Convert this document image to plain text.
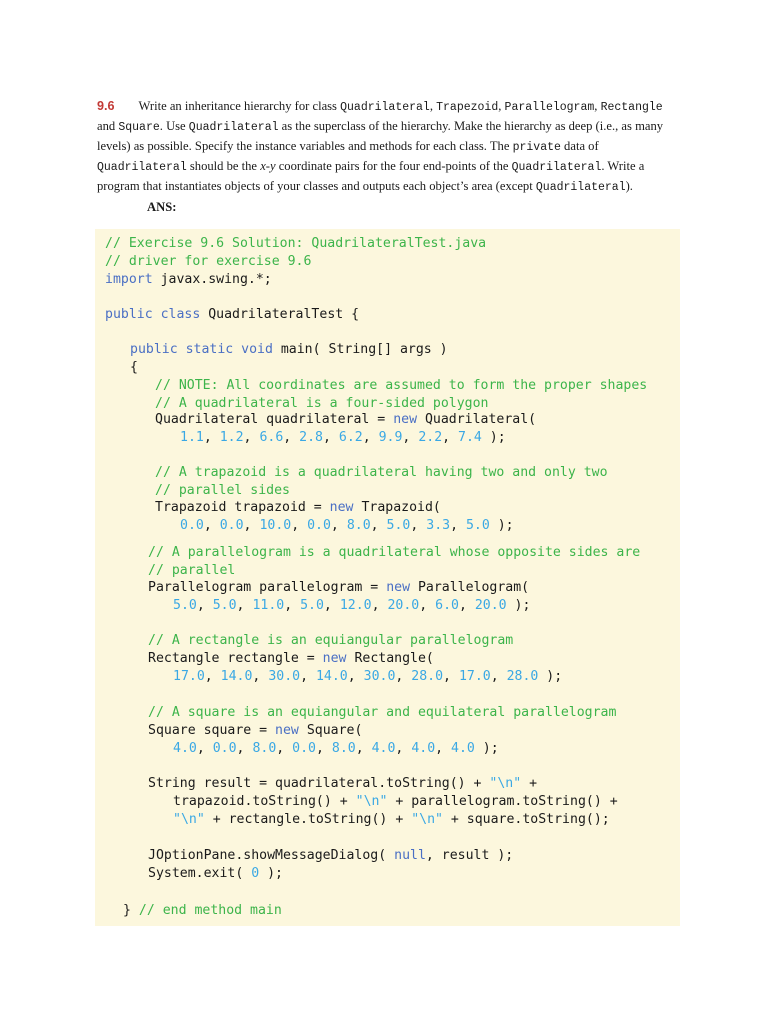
9.6 Write an inheritance hierarchy for class Quadrilateral, Trapezoid, Parallelogram, Rectangle and Square. Use Quadrilateral as the superclass of the hierarchy. Make the hierarchy as deep (i.e., as many levels) as possible. Specify the instance variables and methods for each class. The private data of Quadrilateral should be the x-y coordinate pairs for the four end-points of the Quadrilateral. Write a program that instantiates objects of your classes and outputs each object’s area (except Quadrilateral).

ANS:

// Exercise 9.6 Solution: QuadrilateralTest.java
// driver for exercise 9.6
import javax.swing.*;
public class QuadrilateralTest {
public static void main( String[] args )
{
// NOTE: All coordinates are assumed to form the proper shapes
// A quadrilateral is a four-sided polygon
Quadrilateral quadrilateral = new Quadrilateral(
1.1, 1.2, 6.6, 2.8, 6.2, 9.9, 2.2, 7.4 );
// A trapazoid is a quadrilateral having two and only two
// parallel sides
Trapazoid trapazoid = new Trapazoid(
0.0, 0.0, 10.0, 0.0, 8.0, 5.0, 3.3, 5.0 );
// A parallelogram is a quadrilateral whose opposite sides are
// parallel
Parallelogram parallelogram = new Parallelogram(
5.0, 5.0, 11.0, 5.0, 12.0, 20.0, 6.0, 20.0 );
// A rectangle is an equiangular parallelogram
Rectangle rectangle = new Rectangle(
17.0, 14.0, 30.0, 14.0, 30.0, 28.0, 17.0, 28.0 );
// A square is an equiangular and equilateral parallelogram
Square square = new Square(
4.0, 0.0, 8.0, 0.0, 8.0, 4.0, 4.0, 4.0 );
String result = quadrilateral.toString() + "\n" +
trapazoid.toString() + "\n" + parallelogram.toString() +
"\n" + rectangle.toString() + "\n" + square.toString();
JOptionPane.showMessageDialog( null, result );
System.exit( 0 );
} // end method main
